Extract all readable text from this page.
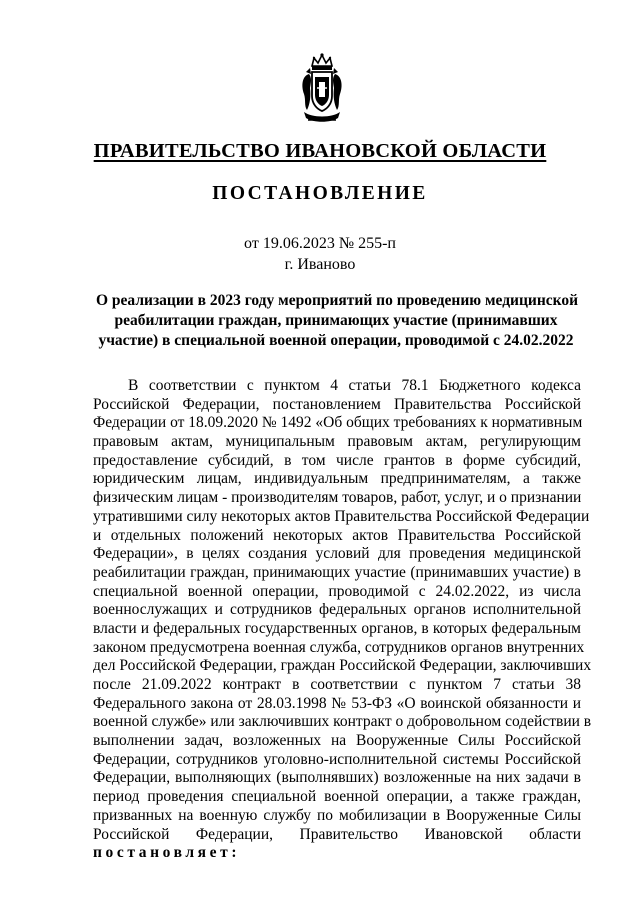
ПРАВИТЕЛЬСТВО ИВАНОВСКОЙ ОБЛАСТИ
ПОСТАНОВЛЕНИЕ
от 19.06.2023 № 255-п
г. Иваново
О реализации в 2023 году мероприятий по проведению медицинской
реабилитации граждан, принимающих участие (принимавших
участие) в специальной военной операции, проводимой с 24.02.2022
В соответствии с пунктом 4 статьи 78.1 Бюджетного кодекса
Российской Федерации, постановлением Правительства Российской
Федерации от 18.09.2020 № 1492 «Об общих требованиях к нормативным
правовым актам, муниципальным правовым актам, регулирующим
предоставление субсидий, в том числе грантов в форме субсидий,
юридическим лицам, индивидуальным предпринимателям, а также
физическим лицам - производителям товаров, работ, услуг, и о признании
утратившими силу некоторых актов Правительства Российской Федерации
и отдельных положений некоторых актов Правительства Российской
Федерации», в целях создания условий для проведения медицинской
реабилитации граждан, принимающих участие (принимавших участие) в
специальной военной операции, проводимой с 24.02.2022, из числа
военнослужащих и сотрудников федеральных органов исполнительной
власти и федеральных государственных органов, в которых федеральным
законом предусмотрена военная служба, сотрудников органов внутренних
дел Российской Федерации, граждан Российской Федерации, заключивших
после 21.09.2022 контракт в соответствии с пунктом 7 статьи 38
Федерального закона от 28.03.1998 № 53-ФЗ «О воинской обязанности и
военной службе» или заключивших контракт о добровольном содействии в
выполнении задач, возложенных на Вооруженные Силы Российской
Федерации, сотрудников уголовно-исполнительной системы Российской
Федерации, выполняющих (выполнявших) возложенные на них задачи в
период проведения специальной военной операции, а также граждан,
призванных на военную службу по мобилизации в Вооруженные Силы
Российской Федерации, Правительство Ивановской области
постановляет:
